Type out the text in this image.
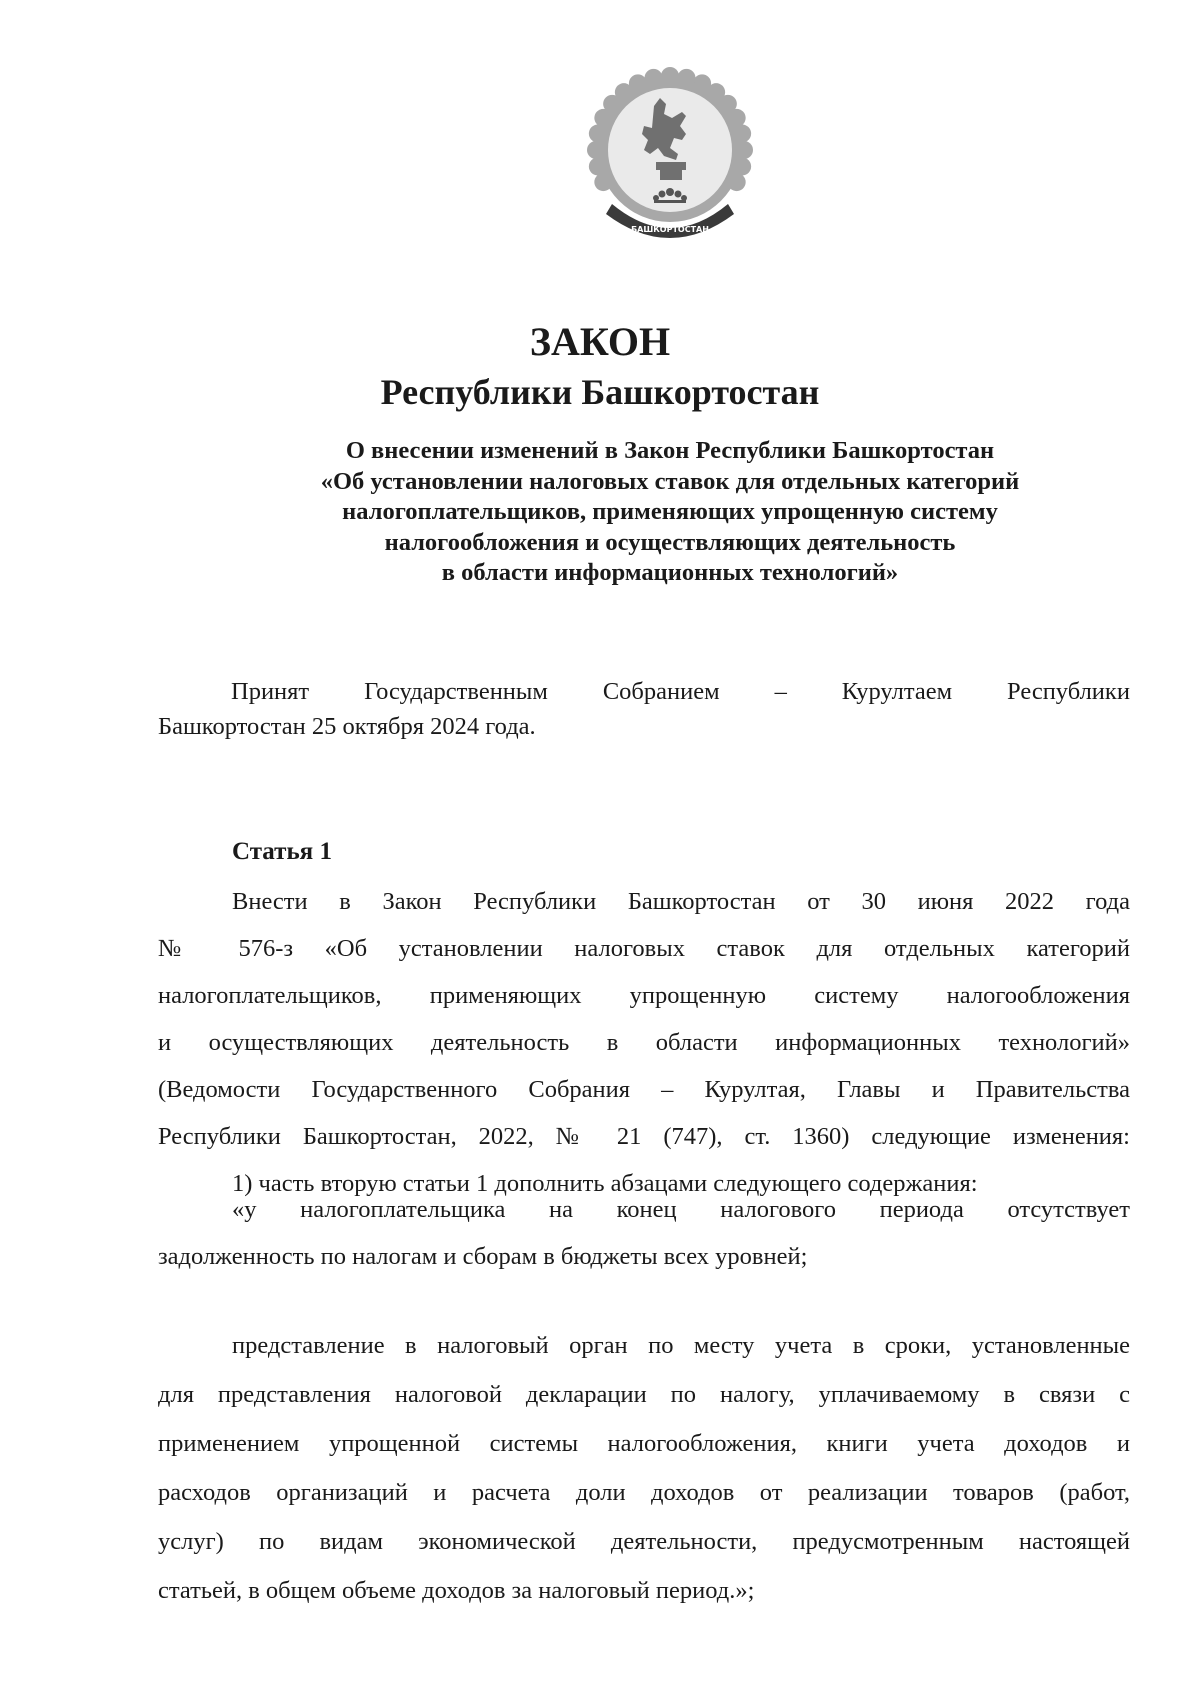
БАШКОРТОСТАН
ЗАКОН
Республики Башкортостан
О внесении изменений в Закон Республики Башкортостан
«Об установлении налоговых ставок для отдельных категорий
налогоплательщиков, применяющих упрощенную систему
налогообложения и осуществляющих деятельность
в области информационных технологий»
Принят Государственным Собранием – Курултаем Республики
Башкортостан 25 октября 2024 года.
Статья 1
Внести в Закон Республики Башкортостан от 30 июня 2022 года
№ 576-з «Об установлении налоговых ставок для отдельных категорий
налогоплательщиков, применяющих упрощенную систему налогообложения
и осуществляющих деятельность в области информационных технологий»
(Ведомости Государственного Собрания – Курултая, Главы и Правительства
Республики Башкортостан, 2022, № 21 (747), ст. 1360) следующие изменения:
1) часть вторую статьи 1 дополнить абзацами следующего содержания:
«у налогоплательщика на конец налогового периода отсутствует
задолженность по налогам и сборам в бюджеты всех уровней;
представление в налоговый орган по месту учета в сроки, установленные
для представления налоговой декларации по налогу, уплачиваемому в связи с
применением упрощенной системы налогообложения, книги учета доходов и
расходов организаций и расчета доли доходов от реализации товаров (работ,
услуг) по видам экономической деятельности, предусмотренным настоящей
статьей, в общем объеме доходов за налоговый период.»;
